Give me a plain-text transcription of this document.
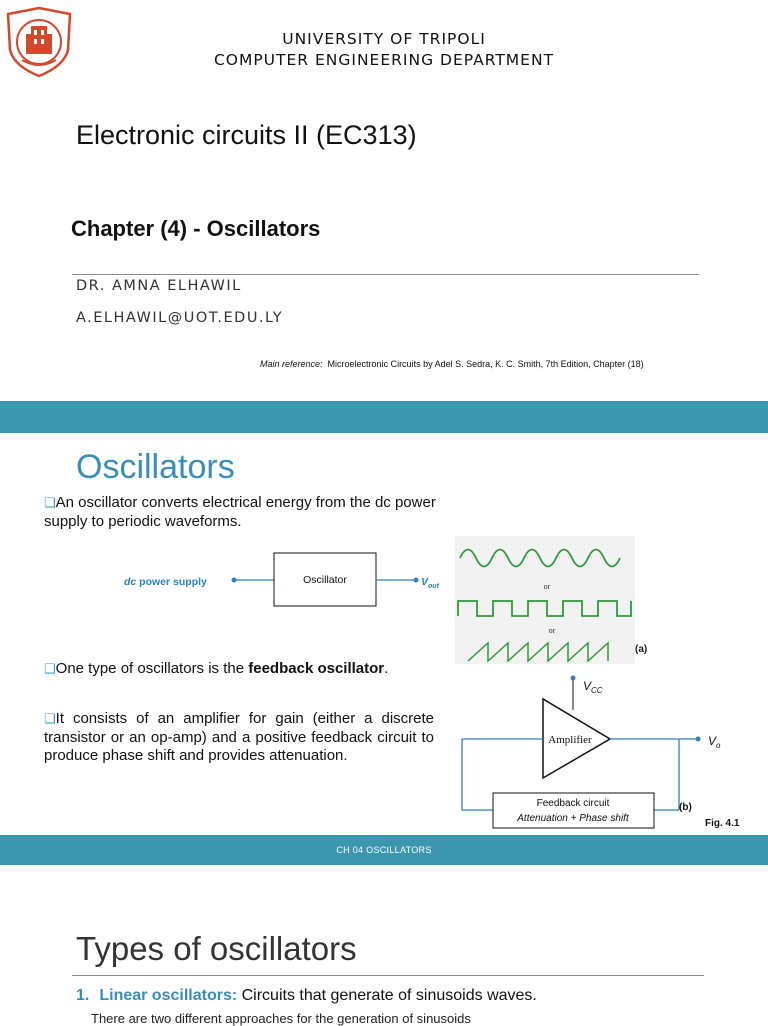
UNIVERSITY OF TRIPOLI
COMPUTER ENGINEERING DEPARTMENT
Electronic circuits II (EC313)
Chapter (4) - Oscillators
DR. AMNA ELHAWIL
A.ELHAWIL@UOT.EDU.LY
Main reference: Microelectronic Circuits by Adel S. Sedra, K. C. Smith, 7th Edition, Chapter (18)
Oscillators
❑An oscillator converts electrical energy from the dc power supply to periodic waveforms.
dc power supply	Oscillator	$V_{out}$	or
or
(a)
❑One type of oscillators is the feedback oscillator.
❑It consists of an amplifier for gain (either a discrete transistor or an op-amp) and a positive feedback circuit to produce phase shift and provides attenuation.
$V_{CC}$
Amplifier	$V_o$
Feedback circuit
Attenuation + Phase shift
(b)
Fig. 4.1
CH 04 OSCILLATORS
Types of oscillators
1. Linear oscillators: Circuits that generate of sinusoids waves.
There are two different approaches for the generation of sinusoids
